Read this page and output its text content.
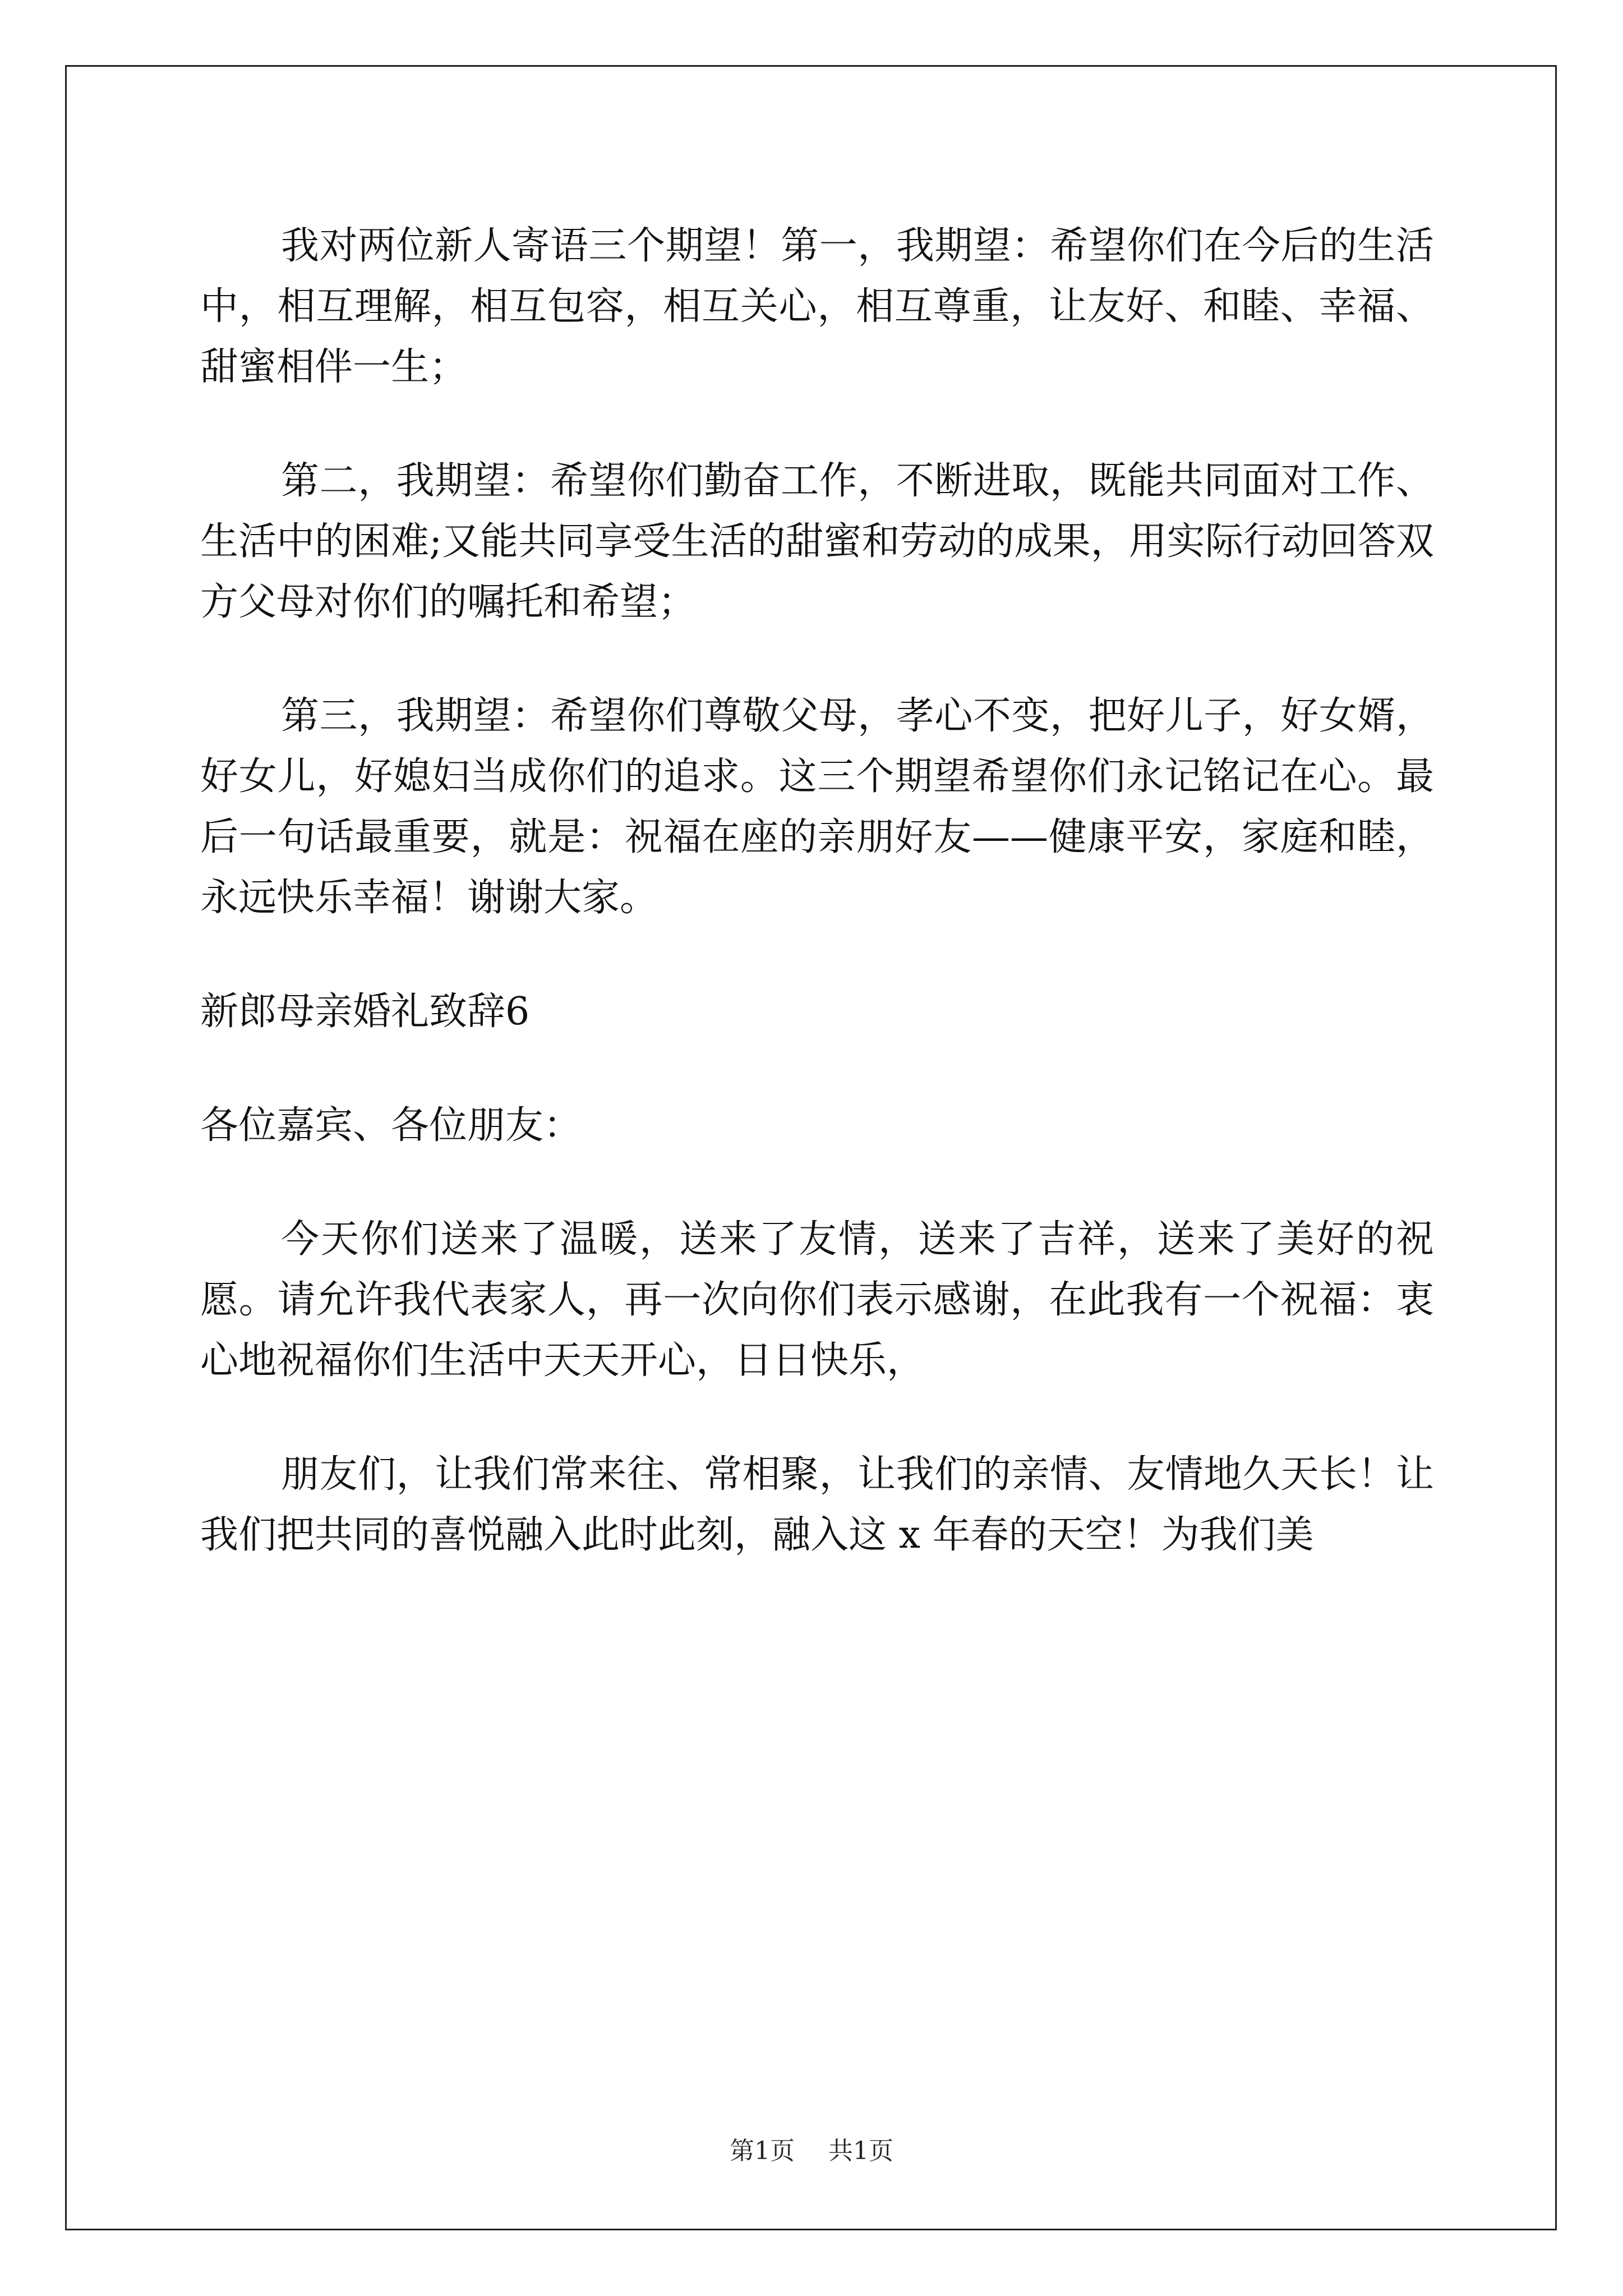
我对两位新人寄语三个期望！第一，我期望：希望你们在今后的生活中，相互理解，相互包容，相互关心，相互尊重，让友好、和睦、幸福、甜蜜相伴一生；

第二，我期望：希望你们勤奋工作，不断进取，既能共同面对工作、生活中的困难;又能共同享受生活的甜蜜和劳动的成果，用实际行动回答双方父母对你们的嘱托和希望；

第三，我期望：希望你们尊敬父母，孝心不变，把好儿子，好女婿，好女儿，好媳妇当成你们的追求。这三个期望希望你们永记铭记在心。最后一句话最重要，就是：祝福在座的亲朋好友——健康平安，家庭和睦，永远快乐幸福！谢谢大家。

新郎母亲婚礼致辞6

各位嘉宾、各位朋友：

今天你们送来了温暖，送来了友情，送来了吉祥，送来了美好的祝愿。请允许我代表家人，再一次向你们表示感谢，在此我有一个祝福：衷心地祝福你们生活中天天开心，日日快乐，

朋友们，让我们常来往、常相聚，让我们的亲情、友情地久天长！让我们把共同的喜悦融入此时此刻，融入这 x 年春的天空！为我们美

第1页 共1页
